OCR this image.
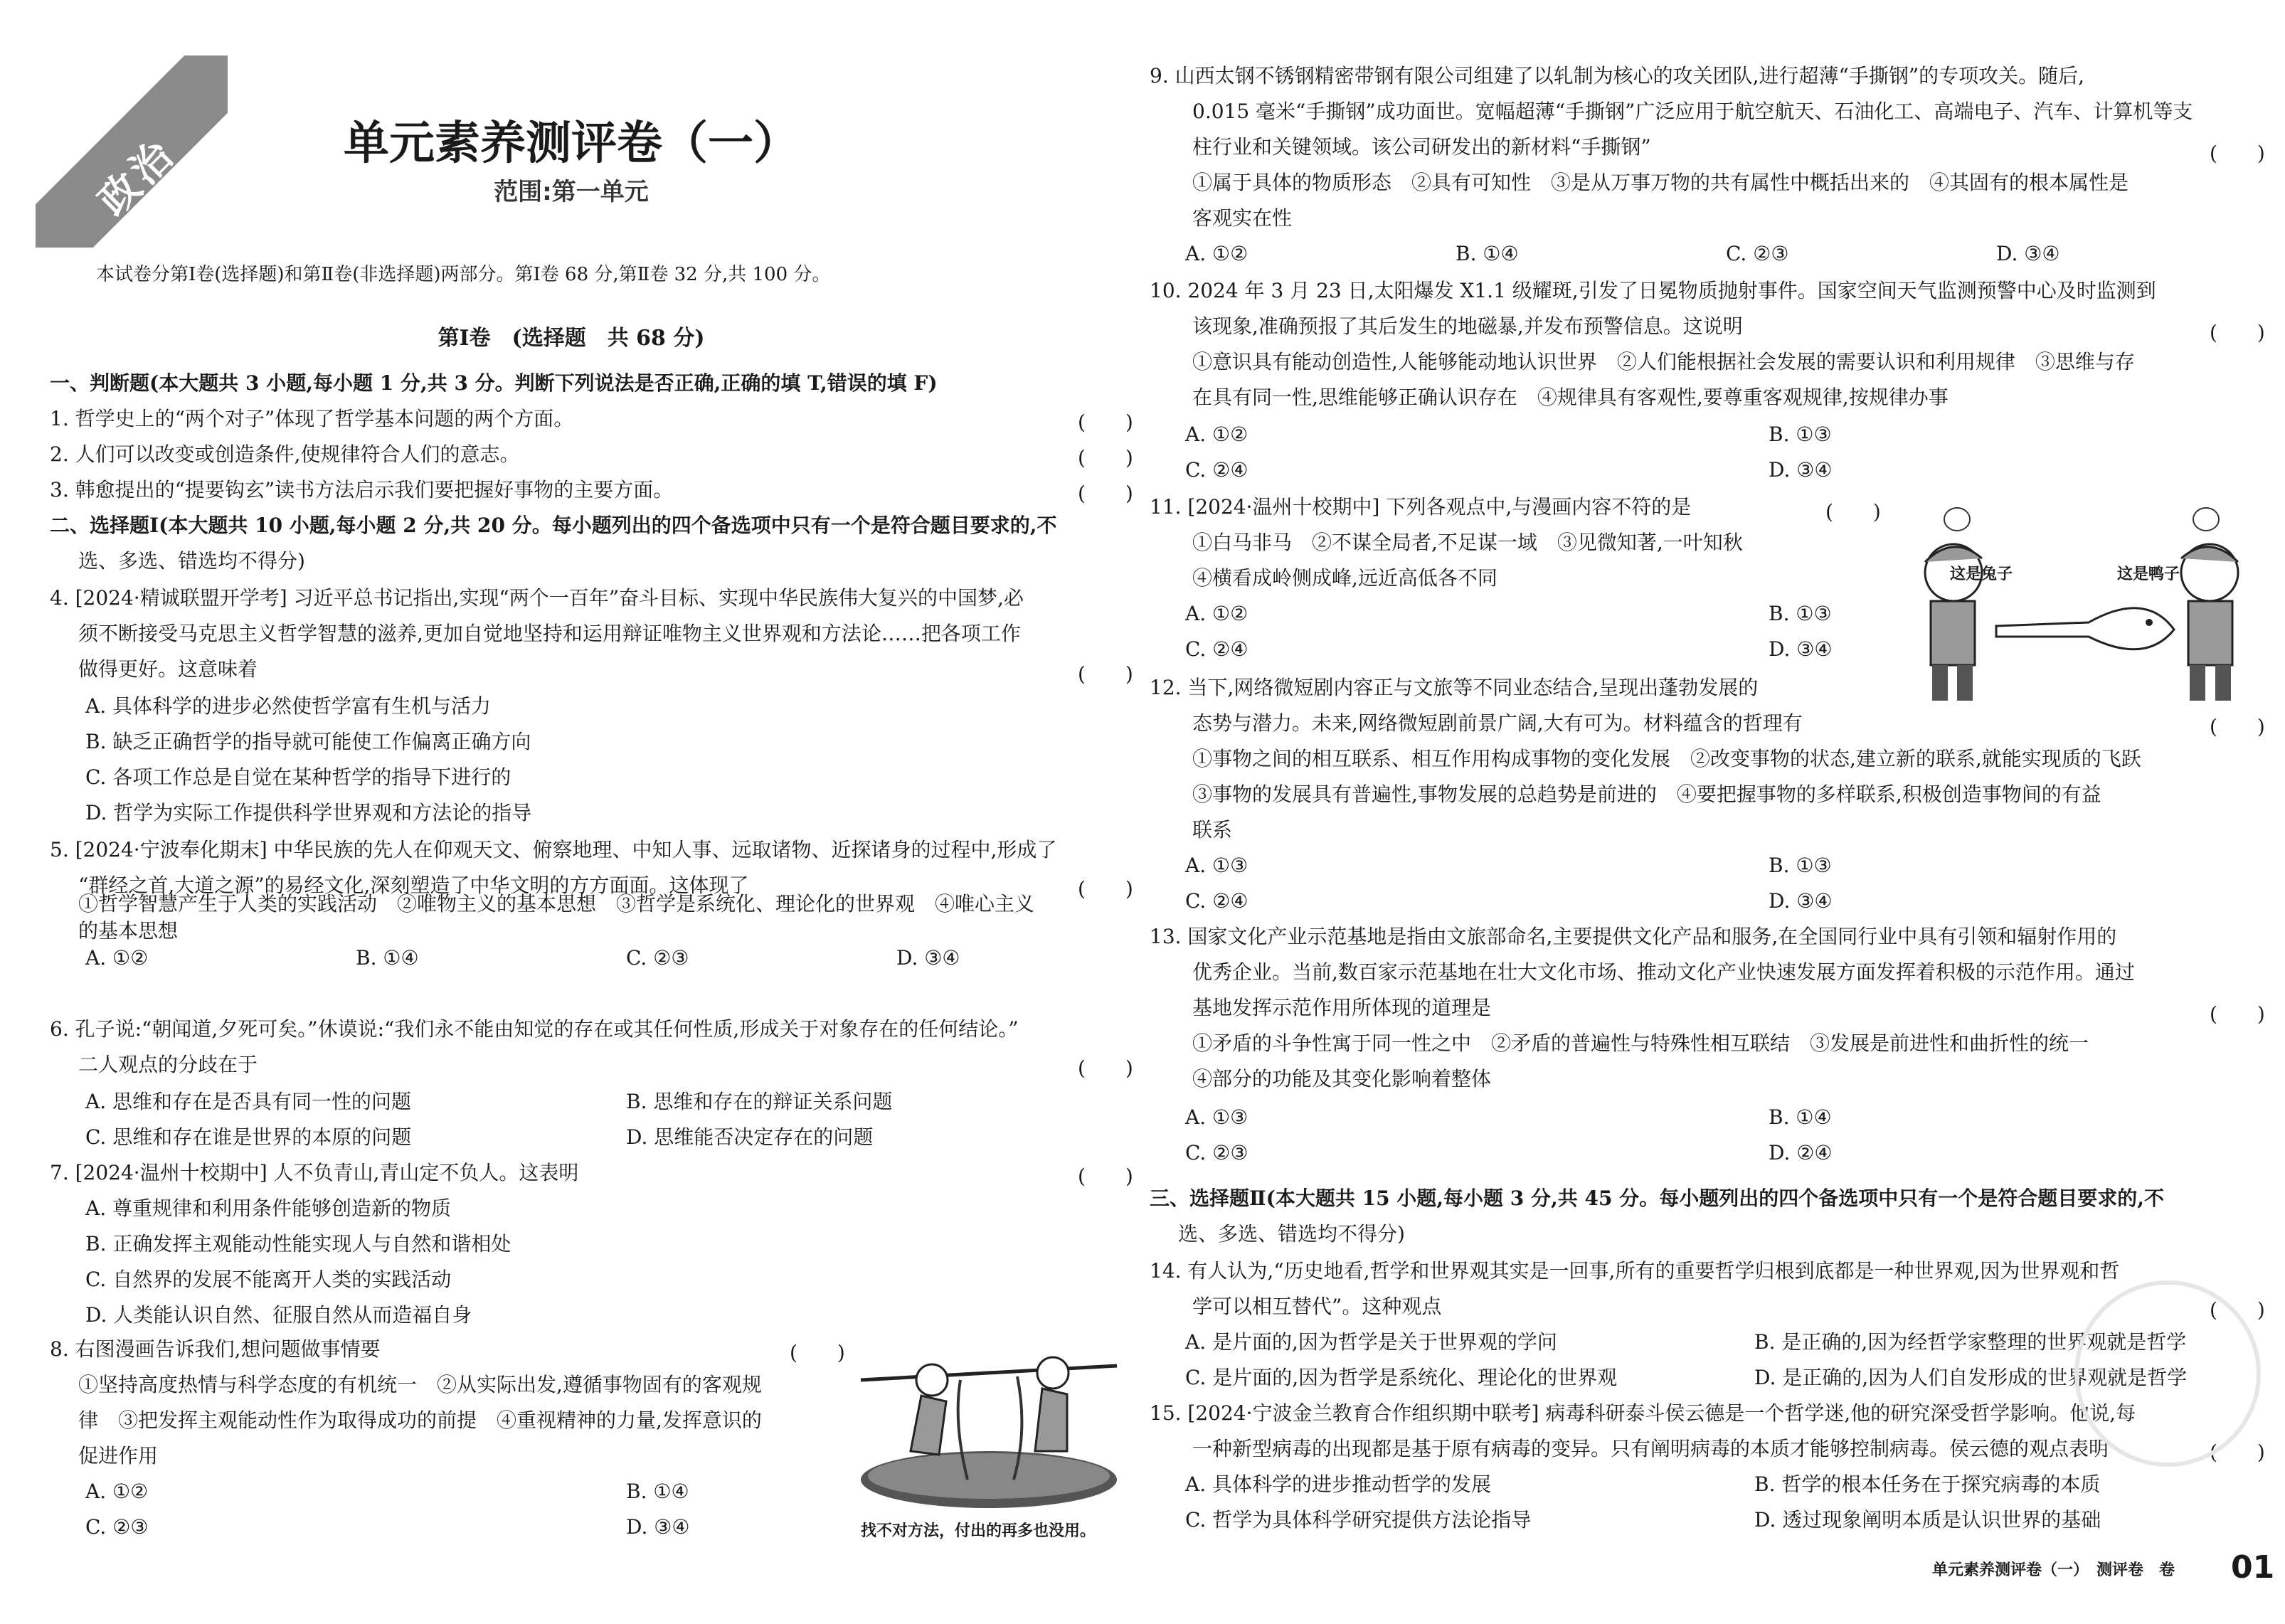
政治	单元素养测评卷（一）
范围:第一单元
本试卷分第Ⅰ卷(选择题)和第Ⅱ卷(非选择题)两部分。第Ⅰ卷 68 分,第Ⅱ卷 32 分,共 100 分。
第Ⅰ卷　(选择题　共 68 分)
一、判断题(本大题共 3 小题,每小题 1 分,共 3 分。判断下列说法是否正确,正确的填 T,错误的填 F)
1. 哲学史上的“两个对子”体现了哲学基本问题的两个方面。
2. 人们可以改变或创造条件,使规律符合人们的意志。
3. 韩愈提出的“提要钩玄”读书方法启示我们要把握好事物的主要方面。
二、选择题Ⅰ(本大题共 10 小题,每小题 2 分,共 20 分。每小题列出的四个备选项中只有一个是符合题目要求的,不
选、多选、错选均不得分)
4. [2024·精诚联盟开学考] 习近平总书记指出,实现“两个一百年”奋斗目标、实现中华民族伟大复兴的中国梦,必
须不断接受马克思主义哲学智慧的滋养,更加自觉地坚持和运用辩证唯物主义世界观和方法论……把各项工作
做得更好。这意味着
A. 具体科学的进步必然使哲学富有生机与活力
B. 缺乏正确哲学的指导就可能使工作偏离正确方向
C. 各项工作总是自觉在某种哲学的指导下进行的
D. 哲学为实际工作提供科学世界观和方法论的指导
5. [2024·宁波奉化期末] 中华民族的先人在仰观天文、俯察地理、中知人事、远取诸物、近探诸身的过程中,形成了
“群经之首,大道之源”的易经文化,深刻塑造了中华文明的方方面面。这体现了
①哲学智慧产生于人类的实践活动　②唯物主义的基本思想　③哲学是系统化、理论化的世界观　④唯心主义
的基本思想
6. 孔子说:“朝闻道,夕死可矣。”休谟说:“我们永不能由知觉的存在或其任何性质,形成关于对象存在的任何结论。”
二人观点的分歧在于
7. [2024·温州十校期中] 人不负青山,青山定不负人。这表明
A. 尊重规律和利用条件能够创造新的物质
B. 正确发挥主观能动性能实现人与自然和谐相处
C. 自然界的发展不能离开人类的实践活动
D. 人类能认识自然、征服自然从而造福自身
8. 右图漫画告诉我们,想问题做事情要
①坚持高度热情与科学态度的有机统一　②从实际出发,遵循事物固有的客观规
律　③把发挥主观能动性作为取得成功的前提　④重视精神的力量,发挥意识的
促进作用
A. ①②	B. ①④	C. ②③	D. ③④
A. 思维和存在是否具有同一性的问题	B. 思维和存在的辩证关系问题
C. 思维和存在谁是世界的本原的问题	D. 思维能否决定存在的问题
A. ①②	B. ①④
C. ②③	D. ③④
(　　)
(　　)
(　　)
(　　)
(　　)
(　　)
(　　)
(　　)
找不对方法，付出的再多也没用。
9. 山西太钢不锈钢精密带钢有限公司组建了以轧制为核心的攻关团队,进行超薄“手撕钢”的专项攻关。随后,
0.015 毫米“手撕钢”成功面世。宽幅超薄“手撕钢”广泛应用于航空航天、石油化工、高端电子、汽车、计算机等支
柱行业和关键领域。该公司研发出的新材料“手撕钢”
①属于具体的物质形态　②具有可知性　③是从万事万物的共有属性中概括出来的　④其固有的根本属性是
客观实在性
10. 2024 年 3 月 23 日,太阳爆发 X1.1 级耀斑,引发了日冕物质抛射事件。国家空间天气监测预警中心及时监测到
该现象,准确预报了其后发生的地磁暴,并发布预警信息。这说明
①意识具有能动创造性,人能够能动地认识世界　②人们能根据社会发展的需要认识和利用规律　③思维与存
在具有同一性,思维能够正确认识存在　④规律具有客观性,要尊重客观规律,按规律办事
11. [2024·温州十校期中] 下列各观点中,与漫画内容不符的是
①白马非马　②不谋全局者,不足谋一域　③见微知著,一叶知秋
④横看成岭侧成峰,远近高低各不同
12. 当下,网络微短剧内容正与文旅等不同业态结合,呈现出蓬勃发展的
态势与潜力。未来,网络微短剧前景广阔,大有可为。材料蕴含的哲理有
①事物之间的相互联系、相互作用构成事物的变化发展　②改变事物的状态,建立新的联系,就能实现质的飞跃
③事物的发展具有普遍性,事物发展的总趋势是前进的　④要把握事物的多样联系,积极创造事物间的有益
联系
13. 国家文化产业示范基地是指由文旅部命名,主要提供文化产品和服务,在全国同行业中具有引领和辐射作用的
优秀企业。当前,数百家示范基地在壮大文化市场、推动文化产业快速发展方面发挥着积极的示范作用。通过
基地发挥示范作用所体现的道理是
①矛盾的斗争性寓于同一性之中　②矛盾的普遍性与特殊性相互联结　③发展是前进性和曲折性的统一
④部分的功能及其变化影响着整体
三、选择题Ⅱ(本大题共 15 小题,每小题 3 分,共 45 分。每小题列出的四个备选项中只有一个是符合题目要求的,不
选、多选、错选均不得分)
14. 有人认为,“历史地看,哲学和世界观其实是一回事,所有的重要哲学归根到底都是一种世界观,因为世界观和哲
学可以相互替代”。这种观点
15. [2024·宁波金兰教育合作组织期中联考] 病毒科研泰斗侯云德是一个哲学迷,他的研究深受哲学影响。他说,每
一种新型病毒的出现都是基于原有病毒的变异。只有阐明病毒的本质才能够控制病毒。侯云德的观点表明
A. ①②	B. ①④	C. ②③	D. ③④
A. ①②	B. ①③
C. ②④	D. ③④
A. ①②	B. ①③
C. ②④	D. ③④
A. ①③	B. ①③
C. ②④	D. ③④
A. ①③	B. ①④
C. ②③	D. ②④
A. 是片面的,因为哲学是关于世界观的学问	B. 是正确的,因为经哲学家整理的世界观就是哲学
C. 是片面的,因为哲学是系统化、理论化的世界观	D. 是正确的,因为人们自发形成的世界观就是哲学
A. 具体科学的进步推动哲学的发展	B. 哲学的根本任务在于探究病毒的本质
C. 哲学为具体科学研究提供方法论指导	D. 透过现象阐明本质是认识世界的基础
(　　)
(　　)
(　　)
(　　)
(　　)
(　　)
(　　)
这是兔子	这是鸭子
单元素养测评卷（一）　测评卷　卷 01
